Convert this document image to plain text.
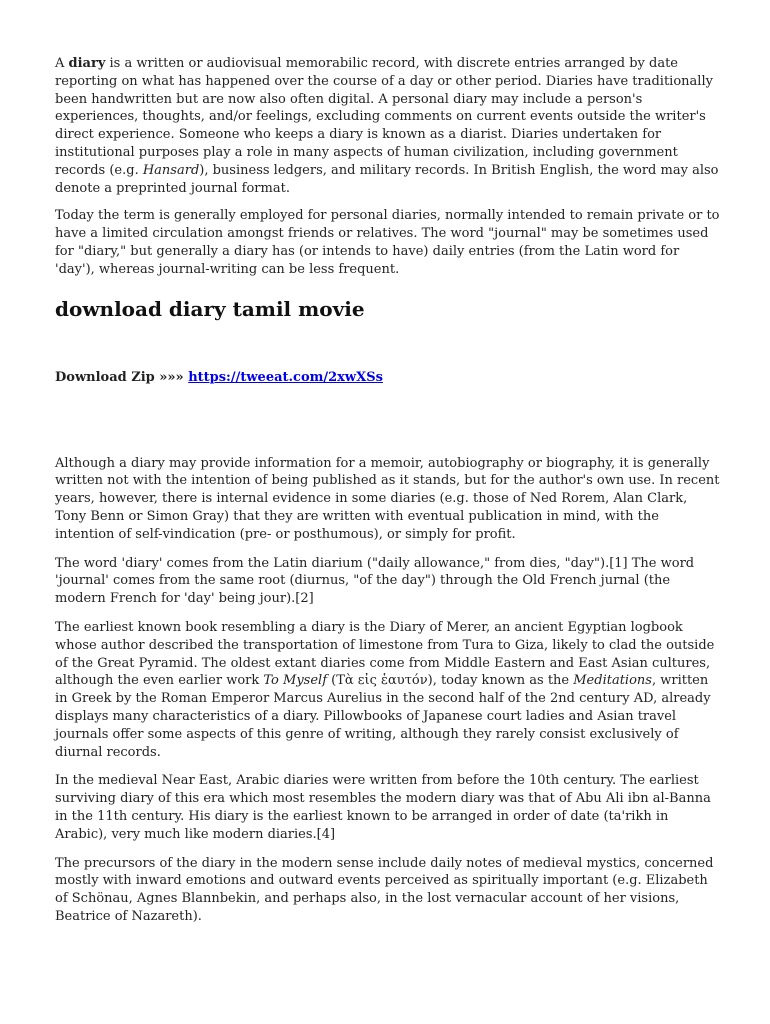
A diary is a written or audiovisual memorabilic record, with discrete entries arranged by date reporting on what has happened over the course of a day or other period. Diaries have traditionally been handwritten but are now also often digital. A personal diary may include a person's experiences, thoughts, and/or feelings, excluding comments on current events outside the writer's direct experience. Someone who keeps a diary is known as a diarist. Diaries undertaken for institutional purposes play a role in many aspects of human civilization, including government records (e.g. Hansard), business ledgers, and military records. In British English, the word may also denote a preprinted journal format.

Today the term is generally employed for personal diaries, normally intended to remain private or to have a limited circulation amongst friends or relatives. The word "journal" may be sometimes used for "diary," but generally a diary has (or intends to have) daily entries (from the Latin word for 'day'), whereas journal-writing can be less frequent.

download diary tamil movie
Download Zip »»» https://tweeat.com/2xwXSs

Although a diary may provide information for a memoir, autobiography or biography, it is generally written not with the intention of being published as it stands, but for the author's own use. In recent years, however, there is internal evidence in some diaries (e.g. those of Ned Rorem, Alan Clark, Tony Benn or Simon Gray) that they are written with eventual publication in mind, with the intention of self-vindication (pre- or posthumous), or simply for profit.

The word 'diary' comes from the Latin diarium ("daily allowance," from dies, "day").[1] The word 'journal' comes from the same root (diurnus, "of the day") through the Old French jurnal (the modern French for 'day' being jour).[2]

The earliest known book resembling a diary is the Diary of Merer, an ancient Egyptian logbook whose author described the transportation of limestone from Tura to Giza, likely to clad the outside of the Great Pyramid. The oldest extant diaries come from Middle Eastern and East Asian cultures, although the even earlier work To Myself (Τὰ εἰς ἑαυτόν), today known as the Meditations, written in Greek by the Roman Emperor Marcus Aurelius in the second half of the 2nd century AD, already displays many characteristics of a diary. Pillowbooks of Japanese court ladies and Asian travel journals offer some aspects of this genre of writing, although they rarely consist exclusively of diurnal records.

In the medieval Near East, Arabic diaries were written from before the 10th century. The earliest surviving diary of this era which most resembles the modern diary was that of Abu Ali ibn al-Banna in the 11th century. His diary is the earliest known to be arranged in order of date (ta'rikh in Arabic), very much like modern diaries.[4]

The precursors of the diary in the modern sense include daily notes of medieval mystics, concerned mostly with inward emotions and outward events perceived as spiritually important (e.g. Elizabeth of Schönau, Agnes Blannbekin, and perhaps also, in the lost vernacular account of her visions, Beatrice of Nazareth).
